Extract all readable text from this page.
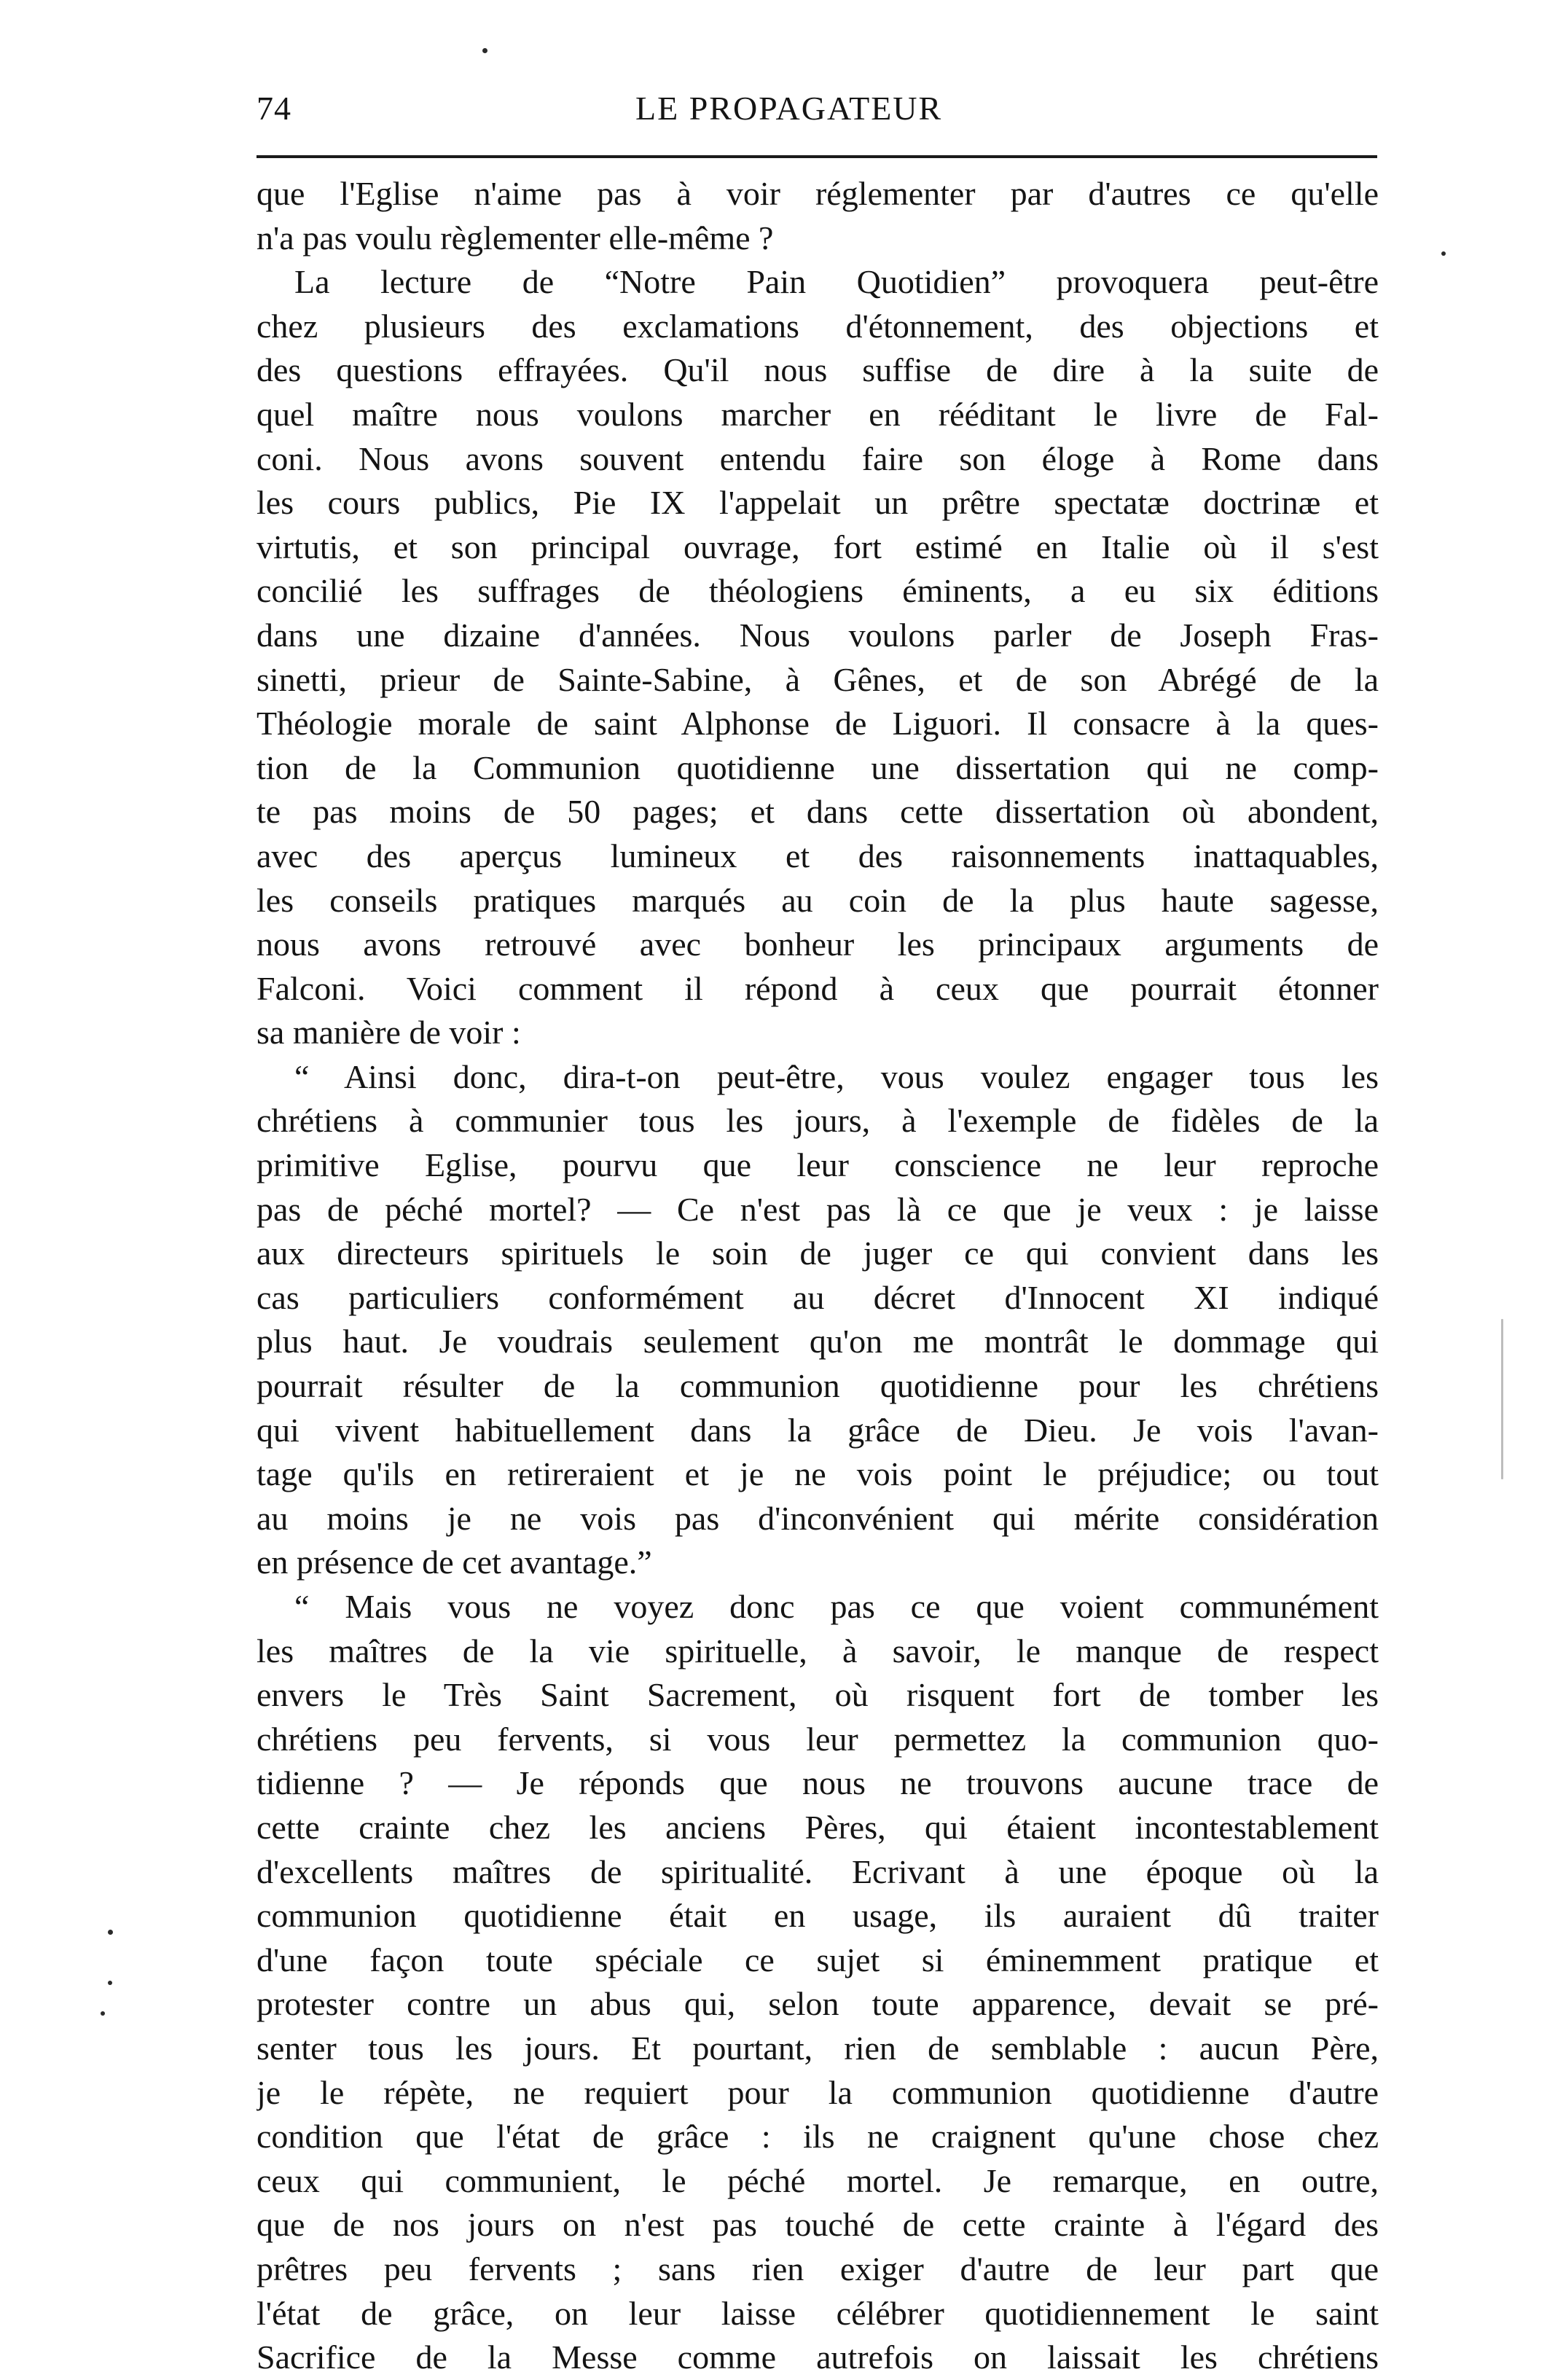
74	LE PROPAGATEUR
que l'Eglise n'aime pas à voir réglementer par d'autres ce qu'elle
n'a pas voulu règlementer elle-même ?
La lecture de “Notre Pain Quotidien” provoquera peut-être
chez plusieurs des exclamations d'étonnement, des objections et
des questions effrayées. Qu'il nous suffise de dire à la suite de
quel maître nous voulons marcher en rééditant le livre de Fal-
coni. Nous avons souvent entendu faire son éloge à Rome dans
les cours publics, Pie IX l'appelait un prêtre spectatæ doctrinæ et
virtutis, et son principal ouvrage, fort estimé en Italie où il s'est
concilié les suffrages de théologiens éminents, a eu six éditions
dans une dizaine d'années. Nous voulons parler de Joseph Fras-
sinetti, prieur de Sainte-Sabine, à Gênes, et de son Abrégé de la
Théologie morale de saint Alphonse de Liguori. Il consacre à la ques-
tion de la Communion quotidienne une dissertation qui ne comp-
te pas moins de 50 pages; et dans cette dissertation où abondent,
avec des aperçus lumineux et des raisonnements inattaquables,
les conseils pratiques marqués au coin de la plus haute sagesse,
nous avons retrouvé avec bonheur les principaux arguments de
Falconi. Voici comment il répond à ceux que pourrait étonner
sa manière de voir :
“ Ainsi donc, dira-t-on peut-être, vous voulez engager tous les
chrétiens à communier tous les jours, à l'exemple de fidèles de la
primitive Eglise, pourvu que leur conscience ne leur reproche
pas de péché mortel? — Ce n'est pas là ce que je veux : je laisse
aux directeurs spirituels le soin de juger ce qui convient dans les
cas particuliers conformément au décret d'Innocent XI indiqué
plus haut. Je voudrais seulement qu'on me montrât le dommage qui
pourrait résulter de la communion quotidienne pour les chrétiens
qui vivent habituellement dans la grâce de Dieu. Je vois l'avan-
tage qu'ils en retireraient et je ne vois point le préjudice; ou tout
au moins je ne vois pas d'inconvénient qui mérite considération
en présence de cet avantage.”
“ Mais vous ne voyez donc pas ce que voient communément
les maîtres de la vie spirituelle, à savoir, le manque de respect
envers le Très Saint Sacrement, où risquent fort de tomber les
chrétiens peu fervents, si vous leur permettez la communion quo-
tidienne ? — Je réponds que nous ne trouvons aucune trace de
cette crainte chez les anciens Pères, qui étaient incontestablement
d'excellents maîtres de spiritualité. Ecrivant à une époque où la
communion quotidienne était en usage, ils auraient dû traiter
d'une façon toute spéciale ce sujet si éminemment pratique et
protester contre un abus qui, selon toute apparence, devait se pré-
senter tous les jours. Et pourtant, rien de semblable : aucun Père,
je le répète, ne requiert pour la communion quotidienne d'autre
condition que l'état de grâce : ils ne craignent qu'une chose chez
ceux qui communient, le péché mortel. Je remarque, en outre,
que de nos jours on n'est pas touché de cette crainte à l'égard des
prêtres peu fervents ; sans rien exiger d'autre de leur part que
l'état de grâce, on leur laisse célébrer quotidiennement le saint
Sacrifice de la Messe comme autrefois on laissait les chrétiens
